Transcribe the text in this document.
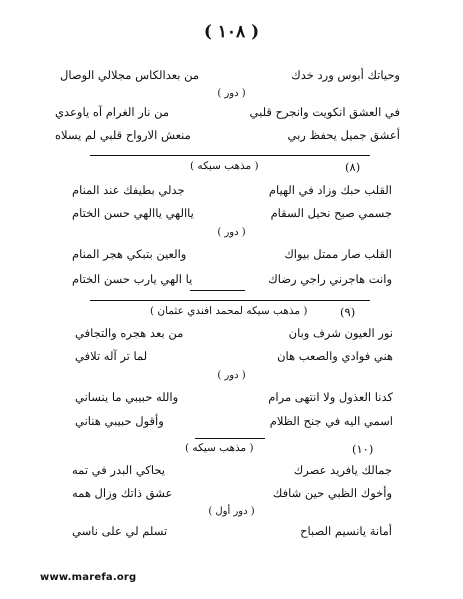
( ١٠٨ )
وحياتك أبوس ورد خدك
من بعدالكاس مجلالي الوصال
( دور )
في العشق انكويت وانجرح قلبي
من نار الغرام آه ياوعدي
أعشق جميل يحفظ ربي
منعش الارواح قلبي لم يسلاه
(٨)
( مذهب سيكه )
القلب حبك وزاد في الهيام
جدلي بطيفك عند المنام
جسمي صبح نحيل السقام
ياالهي ياالهي حسن الختام
( دور )
القلب صار ممتل بيواك
والعين بتبكي هجر المنام
وانت هاجرني راجي رضاك
يا الهي يارب حسن الختام
(٩)
( مذهب سيكه لمحمد افندي عثمان )
نور العيون شرف وبان
من بعد هجره والتجافي
هني فوادي والصعب هان
لما تر آله تلافي
( دور )
كدنا العذول ولا انتهى مرام
والله حبيبي ما ينساني
اسمي اليه في جنح الظلام
وأقول حبيبي هناني
(١٠)
( مذهب سيكه )
جمالك يافريد عصرك
يحاكي البدر في تمه
وأخوك الظبي حين شافك
عشق ذاتك وزال همه
( دور أول )
أمانة يانسيم الصباح
تسلم لي على ناسي
www.marefa.org
